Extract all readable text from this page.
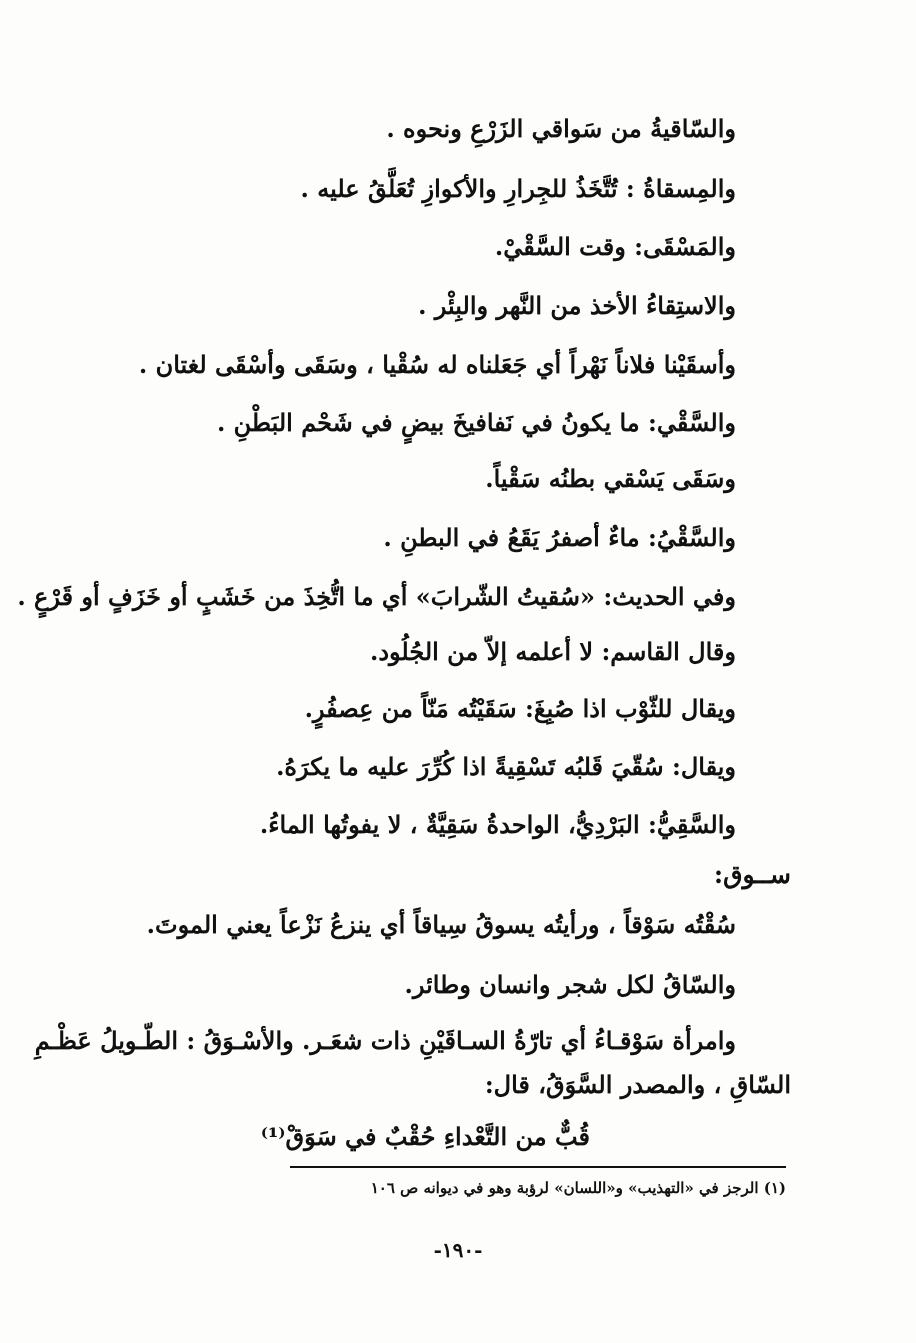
والسّاقيةُ من سَواقي الزَرْعِ ونحوه .
والمِسقاةُ : تُتَّخَذُ للجِرارِ والأكوازِ تُعَلَّقُ عليه .
والمَسْقَى: وقت السَّقْيْ.
والاستِقاءُ الأخذ من النَّهر والبِئْر .
وأسقَيْنا فلاناً نَهْراً أي جَعَلناه له سُقْيا ، وسَقَى وأسْقَى لغتان .
والسَّقْي: ما يكونُ في نَفافيخَ بيضٍ في شَحْم البَطْنِ .
وسَقَى يَسْقي بطنُه سَقْياً.
والسَّقْيُ: ماءٌ أصفرُ يَقَعُ في البطنِ .
وفي الحديث: «سُقيتُ الشّرابَ» أي ما اتُّخِذَ من خَشَبٍ أو خَزَفٍ أو قَرْعٍ .
وقال القاسم: لا أعلمه إلاّ من الجُلُود.
ويقال للثّوْب اذا صُبِغَ: سَقَيْتُه مَنّاً من عِصفُرٍ.
ويقال: سُقّيَ قَلبُه تَسْقِيةً اذا كُرِّرَ عليه ما يكرَهُ.
والسَّقِيُّ: البَرْدِيُّ، الواحدةُ سَقِيَّةٌ ، لا يفوتُها الماءُ.
ســوق:
سُقْتُه سَوْقاً ، ورأيتُه يسوقُ سِياقاً أي ينزعُ نَزْعاً يعني الموتَ.
والسّاقُ لكل شجر وانسان وطائر.
وامرأة سَوْقـاءُ أي تارّةُ السـاقَيْنِ ذات شعَـر. والأسْـوَقُ : الطّـويلُ عَظْـمِ
السّاقِ ، والمصدر السَّوَقُ، قال:
قُبٌّ من التَّعْداءِ حُقْبٌ في سَوَقْ⁽¹⁾
(١) الرجز في «التهذيب» و«اللسان» لرؤبة وهو في ديوانه ص ١٠٦
-١٩٠-
